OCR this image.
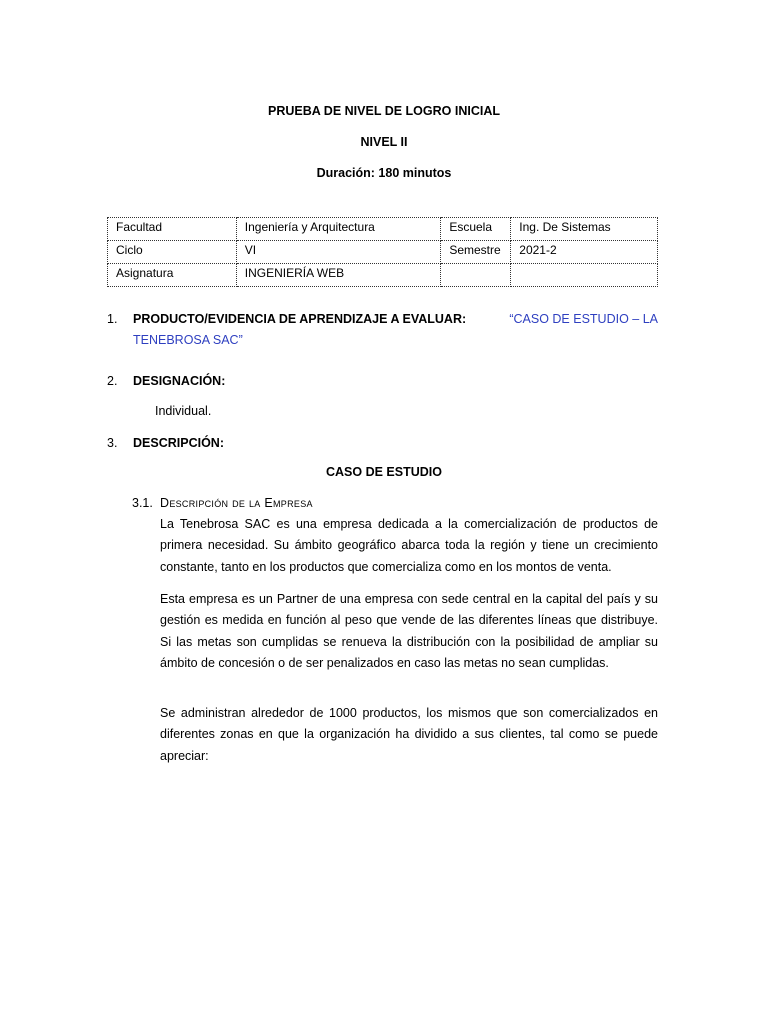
PRUEBA DE NIVEL DE LOGRO INICIAL
NIVEL II
Duración: 180 minutos
Facultad	Ingeniería y Arquitectura	Escuela	Ing. De Sistemas
Ciclo	VI	Semestre	2021-2
Asignatura	INGENIERÍA WEB		
1. PRODUCTO/EVIDENCIA DE APRENDIZAJE A EVALUAR:	“CASO DE ESTUDIO – LA
TENEBROSA SAC”
2. DESIGNACIÓN:
Individual.
3. DESCRIPCIÓN:
CASO DE ESTUDIO
3.1. Descripción de la Empresa
La Tenebrosa SAC es una empresa dedicada a la comercialización de productos de primera necesidad. Su ámbito geográfico abarca toda la región y tiene un crecimiento constante, tanto en los productos que comercializa como en los montos de venta.
Esta empresa es un Partner de una empresa con sede central en la capital del país y su gestión es medida en función al peso que vende de las diferentes líneas que distribuye. Si las metas son cumplidas se renueva la distribución con la posibilidad de ampliar su ámbito de concesión o de ser penalizados en caso las metas no sean cumplidas.
Se administran alrededor de 1000 productos, los mismos que son comercializados en diferentes zonas en que la organización ha dividido a sus clientes, tal como se puede apreciar:
